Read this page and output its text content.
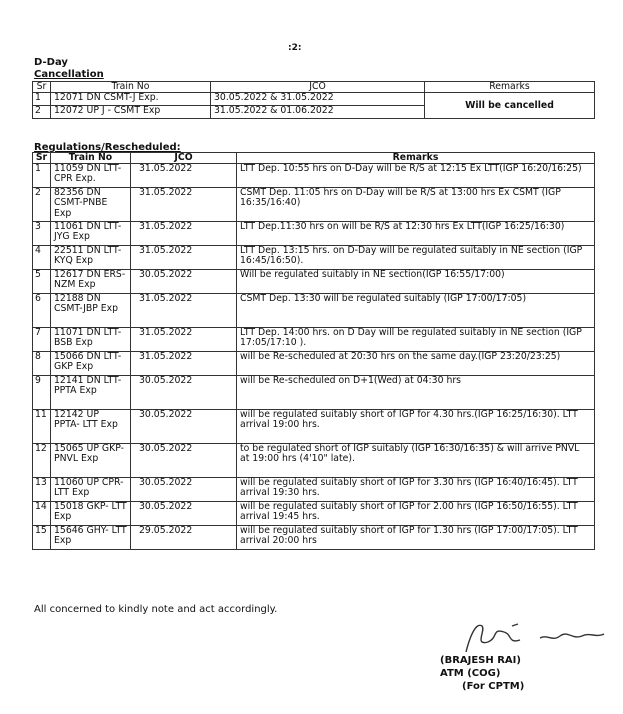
:2:
D-Day
Cancellation
Sr	Train No	JCO	Remarks
1	12071 DN CSMT-J Exp.	30.05.2022 & 31.05.2022	Will be cancelled
2	12072 UP J - CSMT Exp	31.05.2022 & 01.06.2022	
Regulations/Rescheduled:
Sr	Train No	JCO	Remarks
1	11059 DN LTT-CPR Exp.	31.05.2022	LTT Dep. 10:55 hrs on D-Day will be R/S at 12:15 Ex LTT(IGP 16:20/16:25)
2	82356 DN CSMT-PNBE Exp	31.05.2022	CSMT Dep. 11:05 hrs on D-Day will be R/S at 13:00 hrs Ex CSMT (IGP 16:35/16:40)
3	11061 DN LTT- JYG Exp	31.05.2022	LTT Dep.11:30 hrs on will be R/S at 12:30 hrs Ex LTT(IGP 16:25/16:30)
4	22511 DN LTT- KYQ Exp	31.05.2022	LTT Dep. 13:15 hrs. on D-Day will be regulated suitably in NE section (IGP 16:45/16:50).
5	12617 DN ERS-NZM Exp	30.05.2022	Will be regulated suitably in NE section(IGP 16:55/17:00)
6	12188 DN CSMT-JBP Exp	31.05.2022	CSMT Dep. 13:30 will be regulated suitably (IGP 17:00/17:05)
7	11071 DN LTT- BSB Exp	31.05.2022	LTT Dep. 14:00 hrs. on D Day will be regulated suitably in NE section (IGP 17:05/17:10 ).
8	15066 DN LTT-GKP Exp	31.05.2022	will be Re-scheduled at 20:30 hrs on the same day.(IGP 23:20/23:25)
9	12141 DN LTT- PPTA Exp	30.05.2022	will be Re-scheduled on D+1(Wed) at 04:30 hrs
11	12142 UP PPTA- LTT Exp	30.05.2022	will be regulated suitably short of IGP for 4.30 hrs.(IGP 16:25/16:30). LTT arrival 19:00 hrs.
12	15065 UP GKP-PNVL Exp	30.05.2022	to be regulated short of IGP suitably (IGP 16:30/16:35) & will arrive PNVL at 19:00 hrs (4'10" late).
13	11060 UP CPR-LTT Exp	30.05.2022	will be regulated suitably short of IGP for 3.30 hrs (IGP 16:40/16:45). LTT arrival 19:30 hrs.
14	15018 GKP- LTT Exp	30.05.2022	will be regulated suitably short of IGP for 2.00 hrs (IGP 16:50/16:55). LTT arrival 19:45 hrs.
15	15646 GHY- LTT Exp	29.05.2022	will be regulated suitably short of IGP for 1.30 hrs (IGP 17:00/17:05). LTT arrival 20:00 hrs
All concerned to kindly note and act accordingly.
(BRAJESH RAI)
ATM (COG)
(For CPTM)
